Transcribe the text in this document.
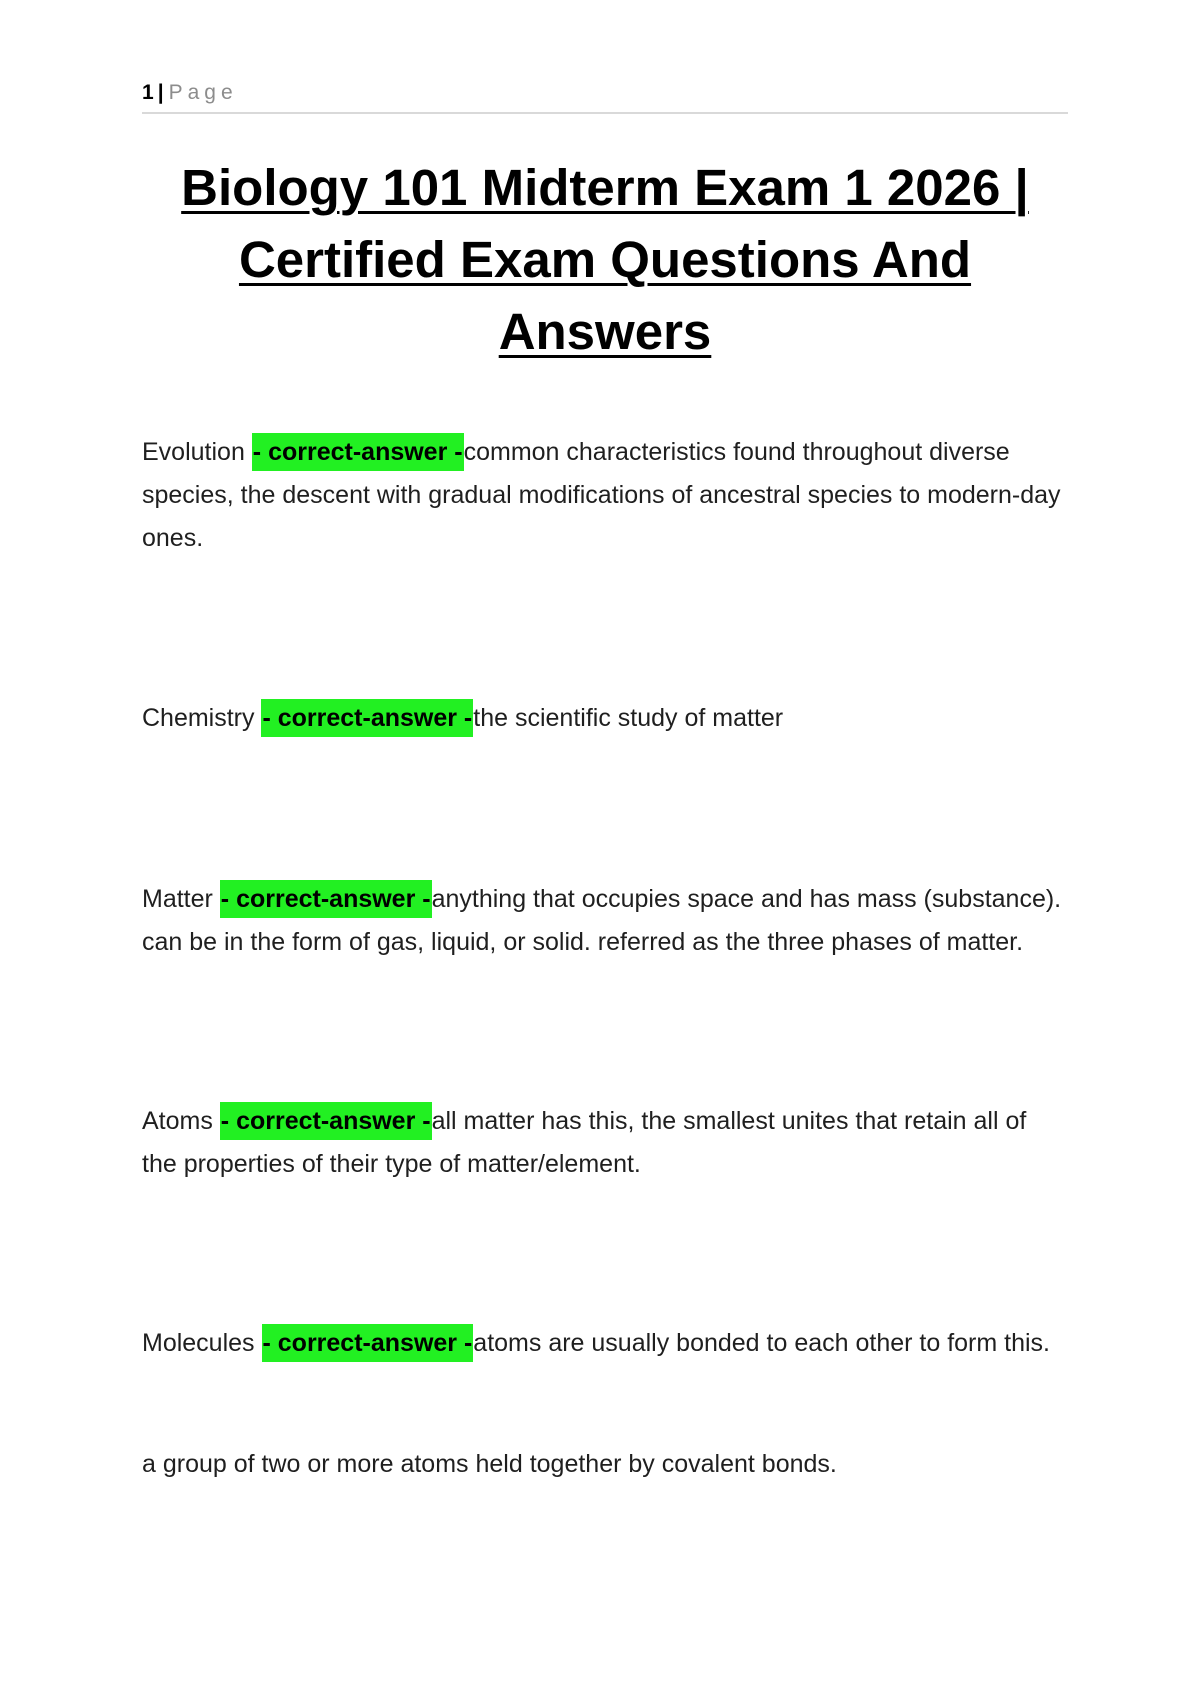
1 | Page
Biology 101 Midterm Exam 1 2026 |
Certified Exam Questions And Answers

Evolution - correct-answer -common characteristics found throughout diverse species, the descent with gradual modifications of ancestral species to modern-day ones.

Chemistry - correct-answer -the scientific study of matter

Matter - correct-answer -anything that occupies space and has mass (substance). can be in the form of gas, liquid, or solid. referred as the three phases of matter.

Atoms - correct-answer -all matter has this, the smallest unites that retain all of the properties of their type of matter/element.

Molecules - correct-answer -atoms are usually bonded to each other to form this.

a group of two or more atoms held together by covalent bonds.
